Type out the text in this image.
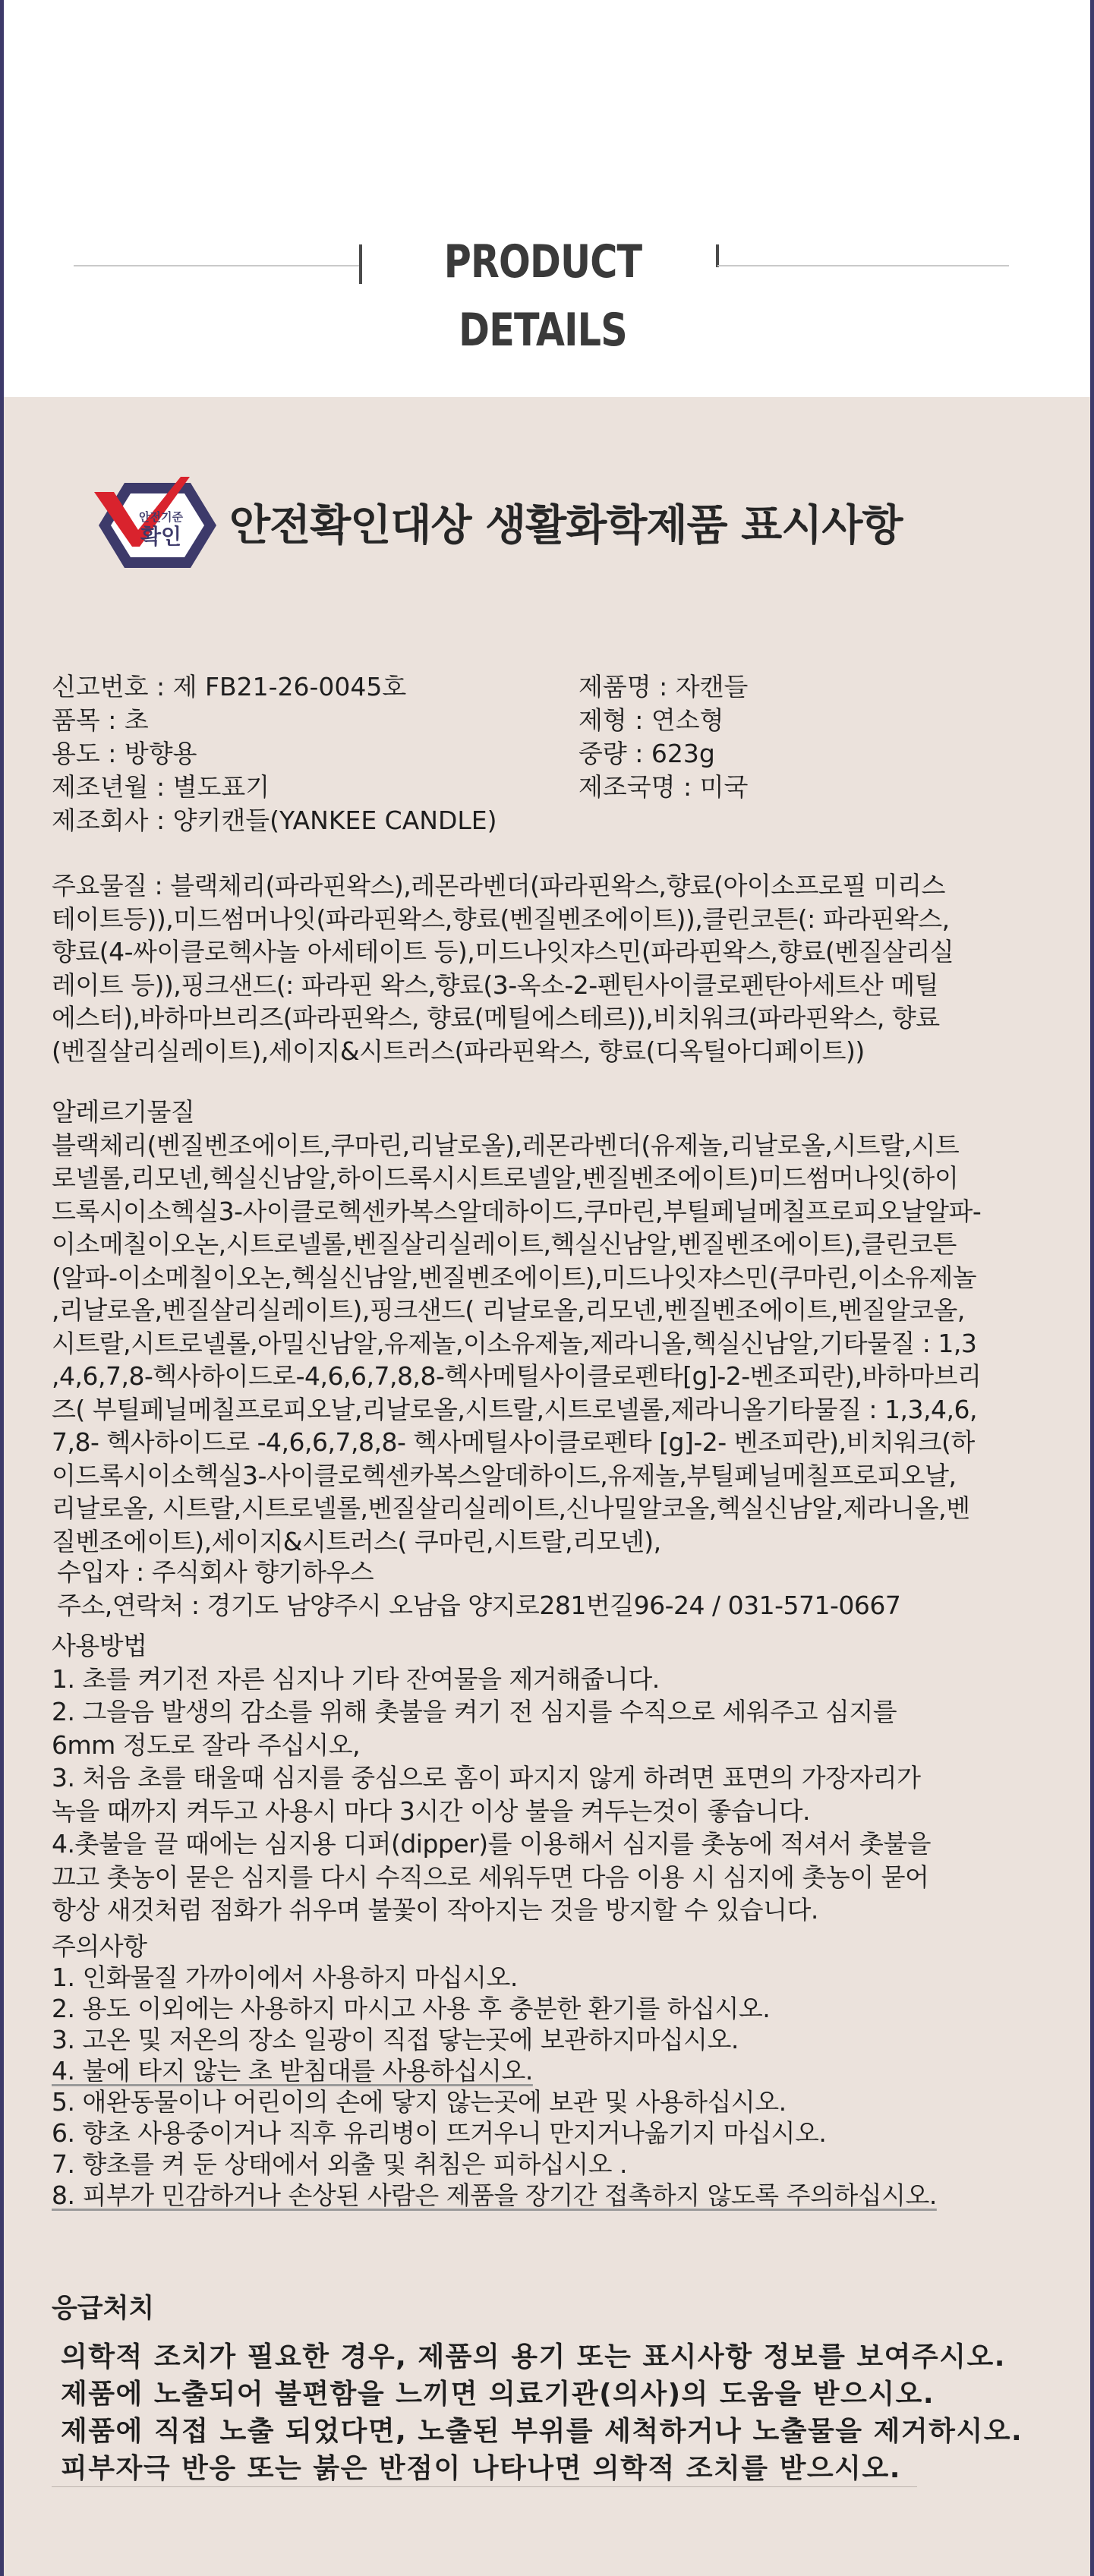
PRODUCT DETAILS
안전기준
확인 안전확인대상 생활화학제품 표시사항
신고번호 : 제 FB21-26-0045호
품목 : 초
용도 : 방향용
제조년월 : 별도표기
제조회사 : 양키캔들(YANKEE CANDLE)
제품명 : 자캔들
제형 : 연소형
중량 : 623g
제조국명 : 미국
주요물질 : 블랙체리(파라핀왁스),레몬라벤더(파라핀왁스,향료(아이소프로필 미리스
테이트등)),미드썸머나잇(파라핀왁스,향료(벤질벤조에이트)),클린코튼(: 파라핀왁스,
향료(4-싸이클로헥사놀 아세테이트 등),미드나잇쟈스민(파라핀왁스,향료(벤질살리실
레이트 등)),핑크샌드(: 파라핀 왁스,향료(3-옥소-2-펜틴사이클로펜탄아세트산 메틸
에스터),바하마브리즈(파라핀왁스, 향료(메틸에스테르)),비치워크(파라핀왁스, 향료
(벤질살리실레이트),세이지&시트러스(파라핀왁스, 향료(디옥틸아디페이트))
알레르기물질
블랙체리(벤질벤조에이트,쿠마린,리날로올),레몬라벤더(유제놀,리날로올,시트랄,시트
로넬롤,리모넨,헥실신남알,하이드록시시트로넬알,벤질벤조에이트)미드썸머나잇(하이
드록시이소헥실3-사이클로헥센카복스알데하이드,쿠마린,부틸페닐메칠프로피오날알파-
이소메칠이오논,시트로넬롤,벤질살리실레이트,헥실신남알,벤질벤조에이트),클린코튼
(알파-이소메칠이오논,헥실신남알,벤질벤조에이트),미드나잇쟈스민(쿠마린,이소유제놀
,리날로올,벤질살리실레이트),핑크샌드( 리날로올,리모넨,벤질벤조에이트,벤질알코올,
시트랄,시트로넬롤,아밀신남알,유제놀,이소유제놀,제라니올,헥실신남알,기타물질 : 1,3
,4,6,7,8-헥사하이드로-4,6,6,7,8,8-헥사메틸사이클로펜타[g]-2-벤조피란),바하마브리
즈( 부틸페닐메칠프로피오날,리날로올,시트랄,시트로넬롤,제라니올기타물질 : 1,3,4,6,
7,8- 헥사하이드로 -4,6,6,7,8,8- 헥사메틸사이클로펜타 [g]-2- 벤조피란),비치워크(하
이드록시이소헥실3-사이클로헥센카복스알데하이드,유제놀,부틸페닐메칠프로피오날,
리날로올, 시트랄,시트로넬롤,벤질살리실레이트,신나밀알코올,헥실신남알,제라니올,벤
질벤조에이트),세이지&시트러스( 쿠마린,시트랄,리모넨),
수입자 : 주식회사 향기하우스
주소,연락처 : 경기도 남양주시 오남읍 양지로281번길96-24 / 031-571-0667
사용방법
1. 초를 켜기전 자른 심지나 기타 잔여물을 제거해줍니다.
2. 그을음 발생의 감소를 위해 촛불을 켜기 전 심지를 수직으로 세워주고 심지를
6mm 정도로 잘라 주십시오,
3. 처음 초를 태울때 심지를 중심으로 홈이 파지지 않게 하려면 표면의 가장자리가
녹을 때까지 켜두고 사용시 마다 3시간 이상 불을 켜두는것이 좋습니다.
4.촛불을 끌 때에는 심지용 디퍼(dipper)를 이용해서 심지를 촛농에 적셔서 촛불을
끄고 촛농이 묻은 심지를 다시 수직으로 세워두면 다음 이용 시 심지에 촛농이 묻어
항상 새것처럼 점화가 쉬우며 불꽃이 작아지는 것을 방지할 수 있습니다.
주의사항
1. 인화물질 가까이에서 사용하지 마십시오.
2. 용도 이외에는 사용하지 마시고 사용 후 충분한 환기를 하십시오.
3. 고온 및 저온의 장소 일광이 직접 닿는곳에 보관하지마십시오.
4. 불에 타지 않는 초 받침대를 사용하십시오.
5. 애완동물이나 어린이의 손에 닿지 않는곳에 보관 및 사용하십시오.
6. 향초 사용중이거나 직후 유리병이 뜨거우니 만지거나옮기지 마십시오.
7. 향초를 켜 둔 상태에서 외출 및 취침은 피하십시오 .
8. 피부가 민감하거나 손상된 사람은 제품을 장기간 접촉하지 않도록 주의하십시오.
응급처치
의학적 조치가 필요한 경우, 제품의 용기 또는 표시사항 정보를 보여주시오.
제품에 노출되어 불편함을 느끼면 의료기관(의사)의 도움을 받으시오.
제품에 직접 노출 되었다면, 노출된 부위를 세척하거나 노출물을 제거하시오.
피부자극 반응 또는 붉은 반점이 나타나면 의학적 조치를 받으시오.
